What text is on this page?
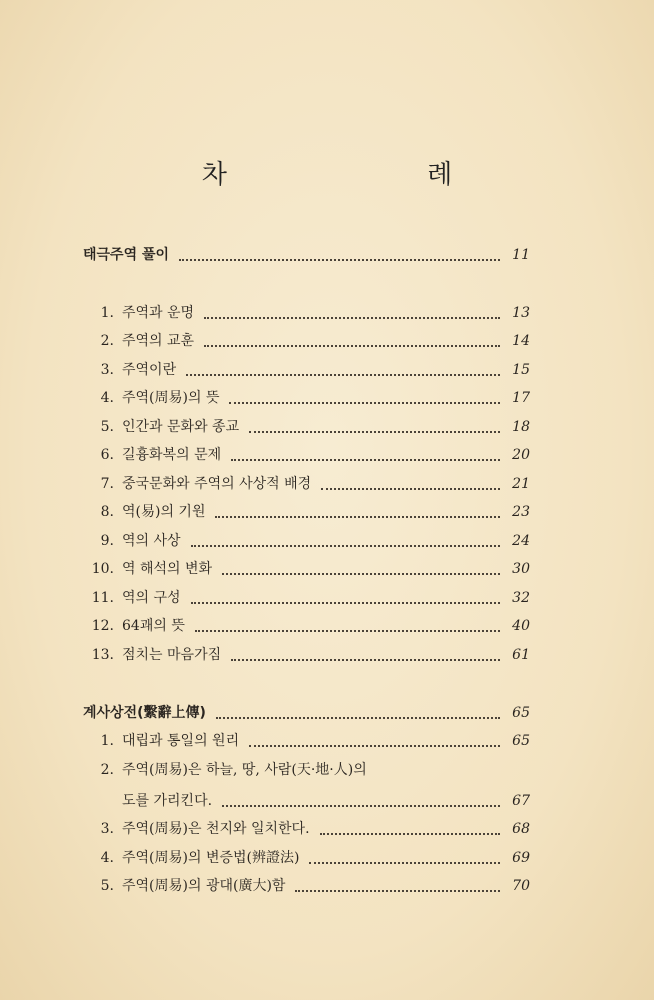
차 례
태극주역 풀이	11
1. 주역과 운명	13
2. 주역의 교훈	14
3. 주역이란	15
4. 주역(周易)의 뜻	17
5. 인간과 문화와 종교	18
6. 길흉화복의 문제	20
7. 중국문화와 주역의 사상적 배경	21
8. 역(易)의 기원	23
9. 역의 사상	24
10. 역 해석의 변화	30
11. 역의 구성	32
12. 64괘의 뜻	40
13. 점치는 마음가짐	61
계사상전(繫辭上傳)	65
1. 대립과 통일의 원리	65
2. 주역(周易)은 하늘, 땅, 사람(天·地·人)의
도를 가리킨다.	67
3. 주역(周易)은 천지와 일치한다.	68
4. 주역(周易)의 변증법(辨證法)	69
5. 주역(周易)의 광대(廣大)함	70
